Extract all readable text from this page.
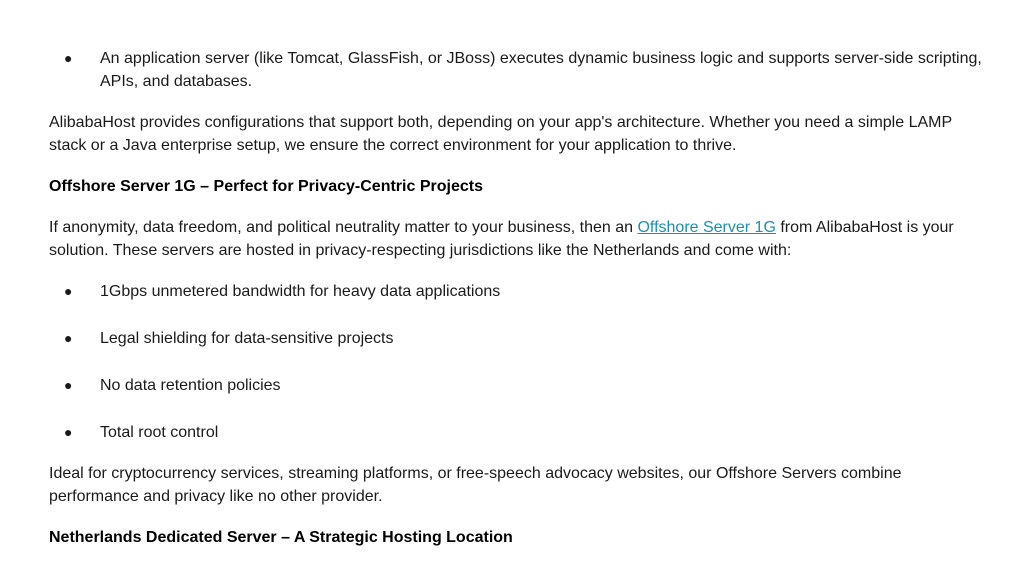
●	An application server (like Tomcat, GlassFish, or JBoss) executes dynamic business logic and supports server-side scripting, APIs, and databases.
AlibabaHost provides configurations that support both, depending on your app's architecture. Whether you need a simple LAMP stack or a Java enterprise setup, we ensure the correct environment for your application to thrive.
Offshore Server 1G – Perfect for Privacy-Centric Projects
If anonymity, data freedom, and political neutrality matter to your business, then an Offshore Server 1G from AlibabaHost is your solution. These servers are hosted in privacy-respecting jurisdictions like the Netherlands and come with:
●	1Gbps unmetered bandwidth for heavy data applications
●	Legal shielding for data-sensitive projects
●	No data retention policies
●	Total root control
Ideal for cryptocurrency services, streaming platforms, or free-speech advocacy websites, our Offshore Servers combine performance and privacy like no other provider.
Netherlands Dedicated Server – A Strategic Hosting Location
